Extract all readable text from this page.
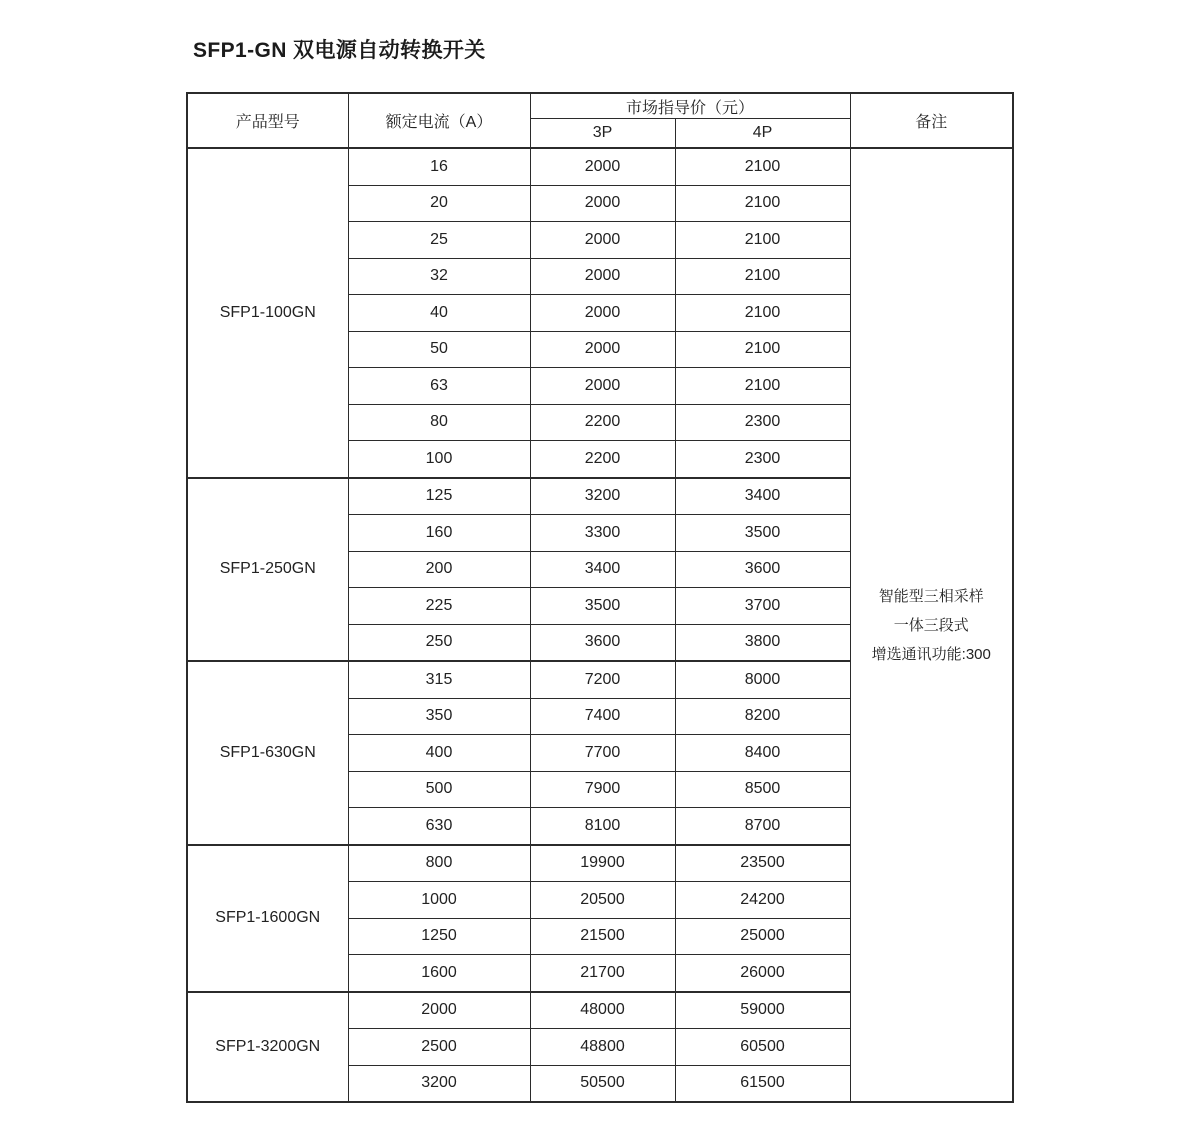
SFP1-GN 双电源自动转换开关
产品型号	额定电流（A）	市场指导价（元）		备注
		3P	4P	
SFP1-100GN	16	2000	2100	智能型三相采样
一体三段式
增选通讯功能:300

	20	2000	2100	
	25	2000	2100	
	32	2000	2100	
	40	2000	2100	
	50	2000	2100	
	63	2000	2100	
	80	2200	2300	
	100	2200	2300	
SFP1-250GN	125	3200	3400	
	160	3300	3500	
	200	3400	3600	
	225	3500	3700	
	250	3600	3800	
SFP1-630GN	315	7200	8000	
	350	7400	8200	
	400	7700	8400	
	500	7900	8500	
	630	8100	8700	
SFP1-1600GN	800	19900	23500	
	1000	20500	24200	
	1250	21500	25000	
	1600	21700	26000	
SFP1-3200GN	2000	48000	59000	
	2500	48800	60500	
	3200	50500	61500	
